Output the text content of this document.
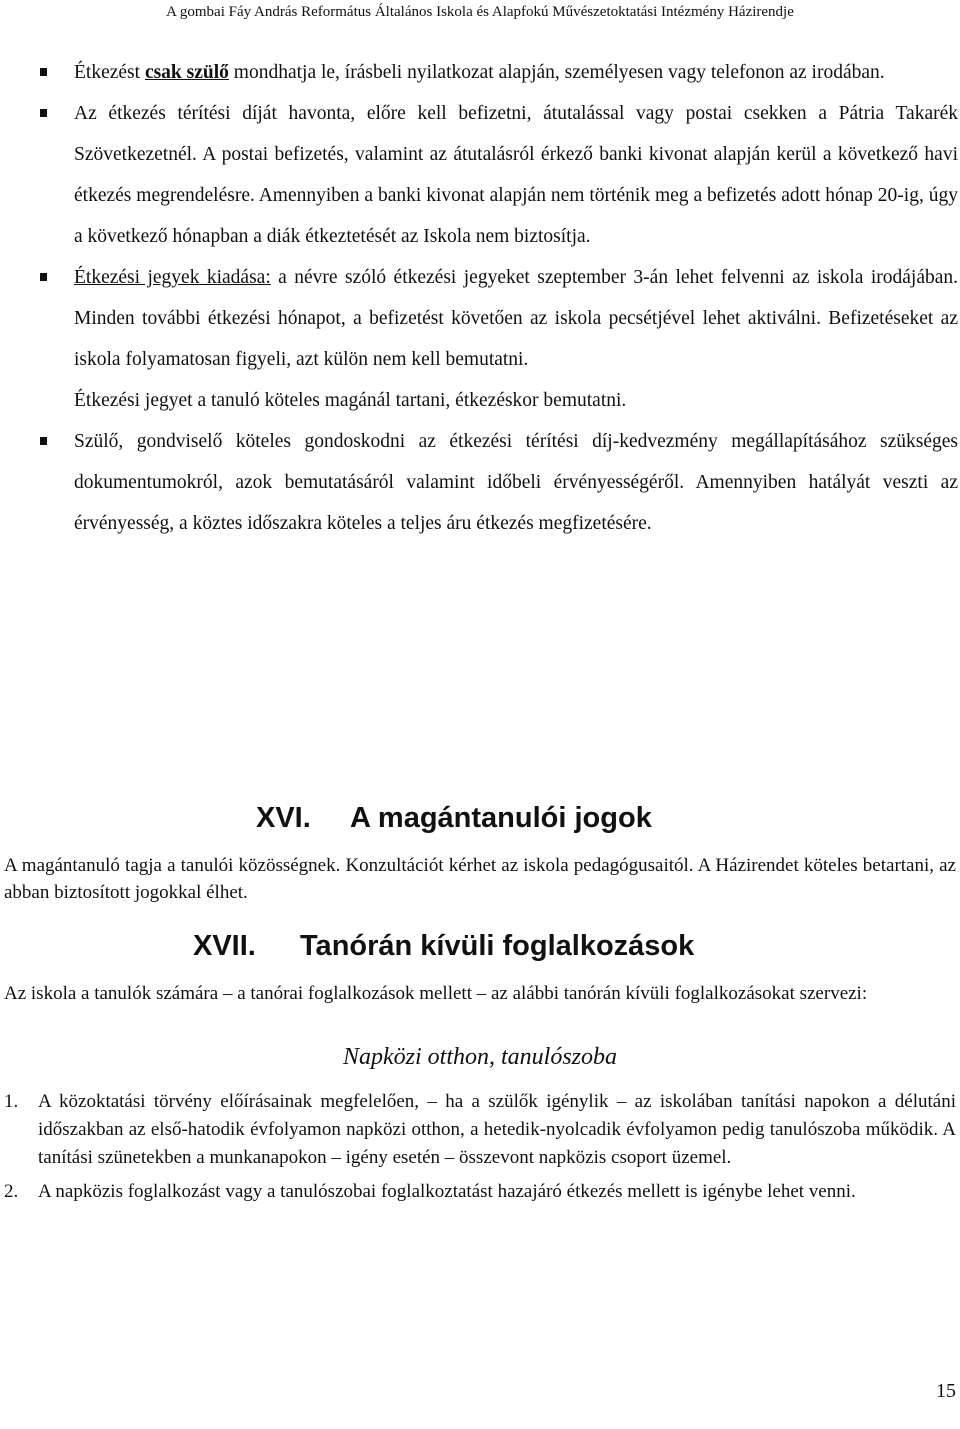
A gombai Fáy András Református Általános Iskola és Alapfokú Művészetoktatási Intézmény Házirendje
Étkezést csak szülő mondhatja le, írásbeli nyilatkozat alapján, személyesen vagy telefonon az irodában.
Az étkezés térítési díját havonta, előre kell befizetni, átutalással vagy postai csekken a Pátria Takarék Szövetkezetnél. A postai befizetés, valamint az átutalásról érkező banki kivonat alapján kerül a következő havi étkezés megrendelésre. Amennyiben a banki kivonat alapján nem történik meg a befizetés adott hónap 20-ig, úgy a következő hónapban a diák étkeztetését az Iskola nem biztosítja.
Étkezési jegyek kiadása: a névre szóló étkezési jegyeket szeptember 3-án lehet felvenni az iskola irodájában. Minden további étkezési hónapot, a befizetést követően az iskola pecsétjével lehet aktiválni. Befizetéseket az iskola folyamatosan figyeli, azt külön nem kell bemutatni.
Étkezési jegyet a tanuló köteles magánál tartani, étkezéskor bemutatni.
Szülő, gondviselő köteles gondoskodni az étkezési térítési díj-kedvezmény megállapításához szükséges dokumentumokról, azok bemutatásáról valamint időbeli érvényességéről. Amennyiben hatályát veszti az érvényesség, a köztes időszakra köteles a teljes áru étkezés megfizetésére.
XVI. A magántanulói jogok
A magántanuló tagja a tanulói közösségnek. Konzultációt kérhet az iskola pedagógusaitól. A Házirendet köteles betartani, az abban biztosított jogokkal élhet.
XVII. Tanórán kívüli foglalkozások
Az iskola a tanulók számára – a tanórai foglalkozások mellett – az alábbi tanórán kívüli foglalkozásokat szervezi:
Napközi otthon, tanulószoba
1. A közoktatási törvény előírásainak megfelelően, – ha a szülők igénylik – az iskolában tanítási napokon a délutáni időszakban az első-hatodik évfolyamon napközi otthon, a hetedik-nyolcadik évfolyamon pedig tanulószoba működik. A tanítási szünetekben a munkanapokon – igény esetén – összevont napközis csoport üzemel.
2. A napközis foglalkozást vagy a tanulószobai foglalkoztatást hazajáró étkezés mellett is igénybe lehet venni.
15
